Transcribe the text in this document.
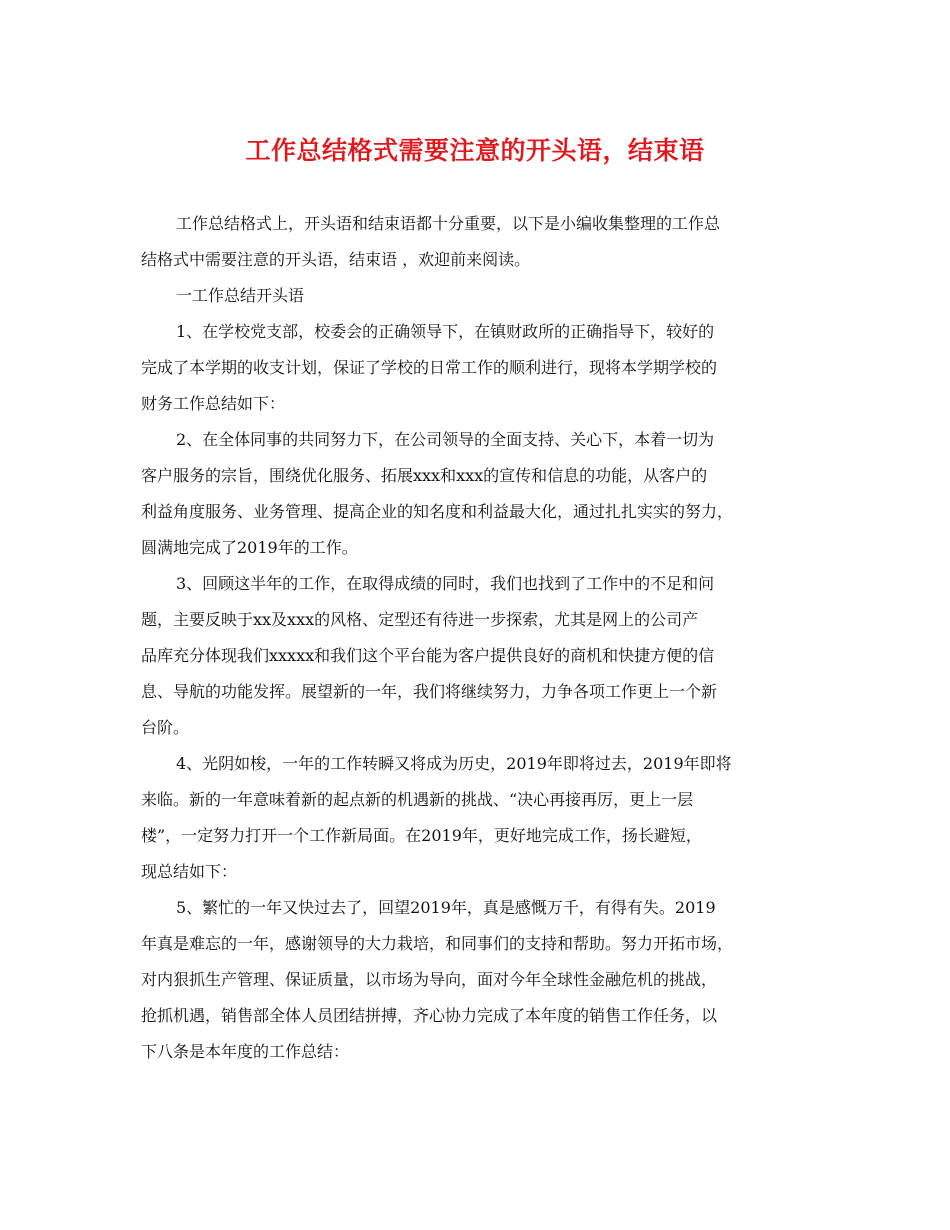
工作总结格式需要注意的开头语，结束语
工作总结格式上，开头语和结束语都十分重要，以下是小编收集整理的工作总
结格式中需要注意的开头语，结束语 ，欢迎前来阅读。
一工作总结开头语
1、在学校党支部，校委会的正确领导下，在镇财政所的正确指导下，较好的
完成了本学期的收支计划，保证了学校的日常工作的顺利进行，现将本学期学校的
财务工作总结如下：
2、在全体同事的共同努力下，在公司领导的全面支持、关心下，本着一切为
客户服务的宗旨，围绕优化服务、拓展xxx和xxx的宣传和信息的功能，从客户的
利益角度服务、业务管理、提高企业的知名度和利益最大化，通过扎扎实实的努力，
圆满地完成了2019年的工作。
3、回顾这半年的工作，在取得成绩的同时，我们也找到了工作中的不足和问
题，主要反映于xx及xxx的风格、定型还有待进一步探索，尤其是网上的公司产
品库充分体现我们xxxxx和我们这个平台能为客户提供良好的商机和快捷方便的信
息、导航的功能发挥。展望新的一年，我们将继续努力，力争各项工作更上一个新
台阶。
4、光阴如梭，一年的工作转瞬又将成为历史，2019年即将过去，2019年即将
来临。新的一年意味着新的起点新的机遇新的挑战、“决心再接再厉，更上一层
楼”，一定努力打开一个工作新局面。在2019年，更好地完成工作，扬长避短，
现总结如下：
5、繁忙的一年又快过去了，回望2019年，真是感慨万千，有得有失。2019
年真是难忘的一年，感谢领导的大力栽培，和同事们的支持和帮助。努力开拓市场，
对内狠抓生产管理、保证质量，以市场为导向，面对今年全球性金融危机的挑战，
抢抓机遇，销售部全体人员团结拼搏，齐心协力完成了本年度的销售工作任务，以
下八条是本年度的工作总结：
